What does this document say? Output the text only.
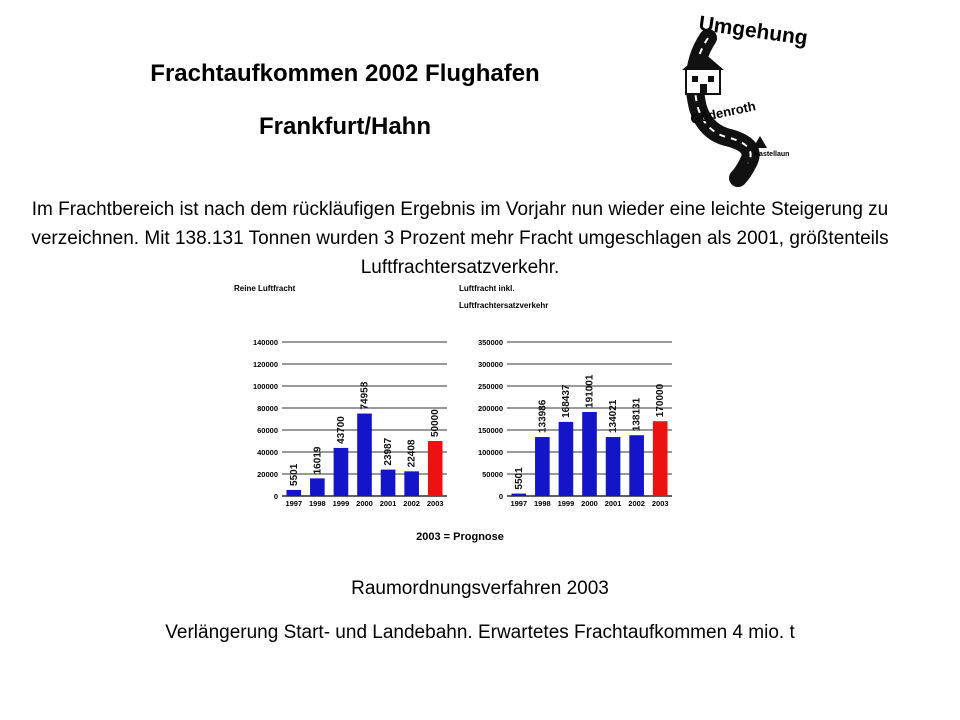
Frachtaufkommen 2002 Flughafen
Frankfurt/Hahn
Umgehung
Gödenroth
Kastellaun
Im Frachtbereich ist nach dem rückläufigen Ergebnis im Vorjahr nun wieder eine leichte Steigerung zu verzeichnen. Mit 138.131 Tonnen wurden 3 Prozent mehr Fracht umgeschlagen als 2001, größtenteils Luftfrachtersatzverkehr.
Reine Luftfracht
0
20000
40000
60000
80000
100000
120000
140000
5501
1997
16019
1998
43700
1999
74958
2000
23987
2001
22408
2002
50000
2003
Luftfracht inkl.
Luftfrachtersatzverkehr
0
50000
100000
150000
200000
250000
300000
350000
5501
1997
133986
1998
168437
1999
191001
2000
134021
2001
138131
2002
170000
2003
2003 = Prognose
Raumordnungsverfahren 2003
Verlängerung Start- und Landebahn. Erwartetes Frachtaufkommen 4 mio. t
